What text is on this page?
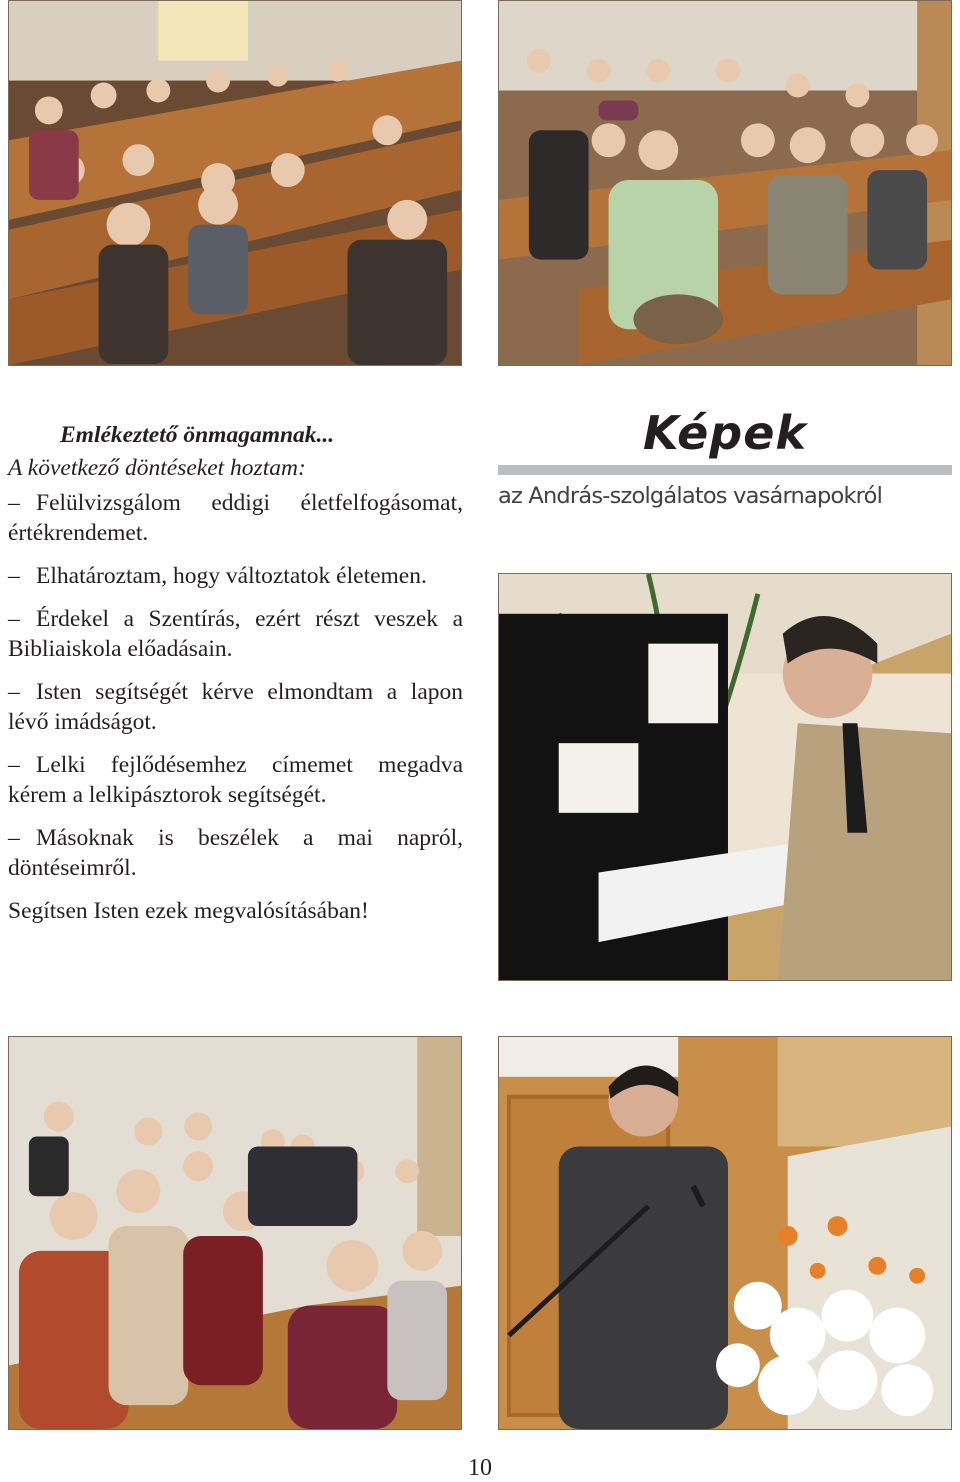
Emlékeztető önmagamnak...
A következő döntéseket hoztam:
– Felülvizsgálom eddigi életfelfogásomat, értékrendemet.
– Elhatároztam, hogy változtatok életemen.
– Érdekel a Szentírás, ezért részt veszek a Bibliaiskola előadásain.
– Isten segítségét kérve elmondtam a lapon lévő imádságot.
– Lelki fejlődésemhez címemet megadva kérem a lelkipásztorok segítségét.
– Másoknak is beszélek a mai napról, döntéseimről.
Segítsen Isten ezek megvalósításában!
Képek
az András-szolgálatos vasárnapokról
10
